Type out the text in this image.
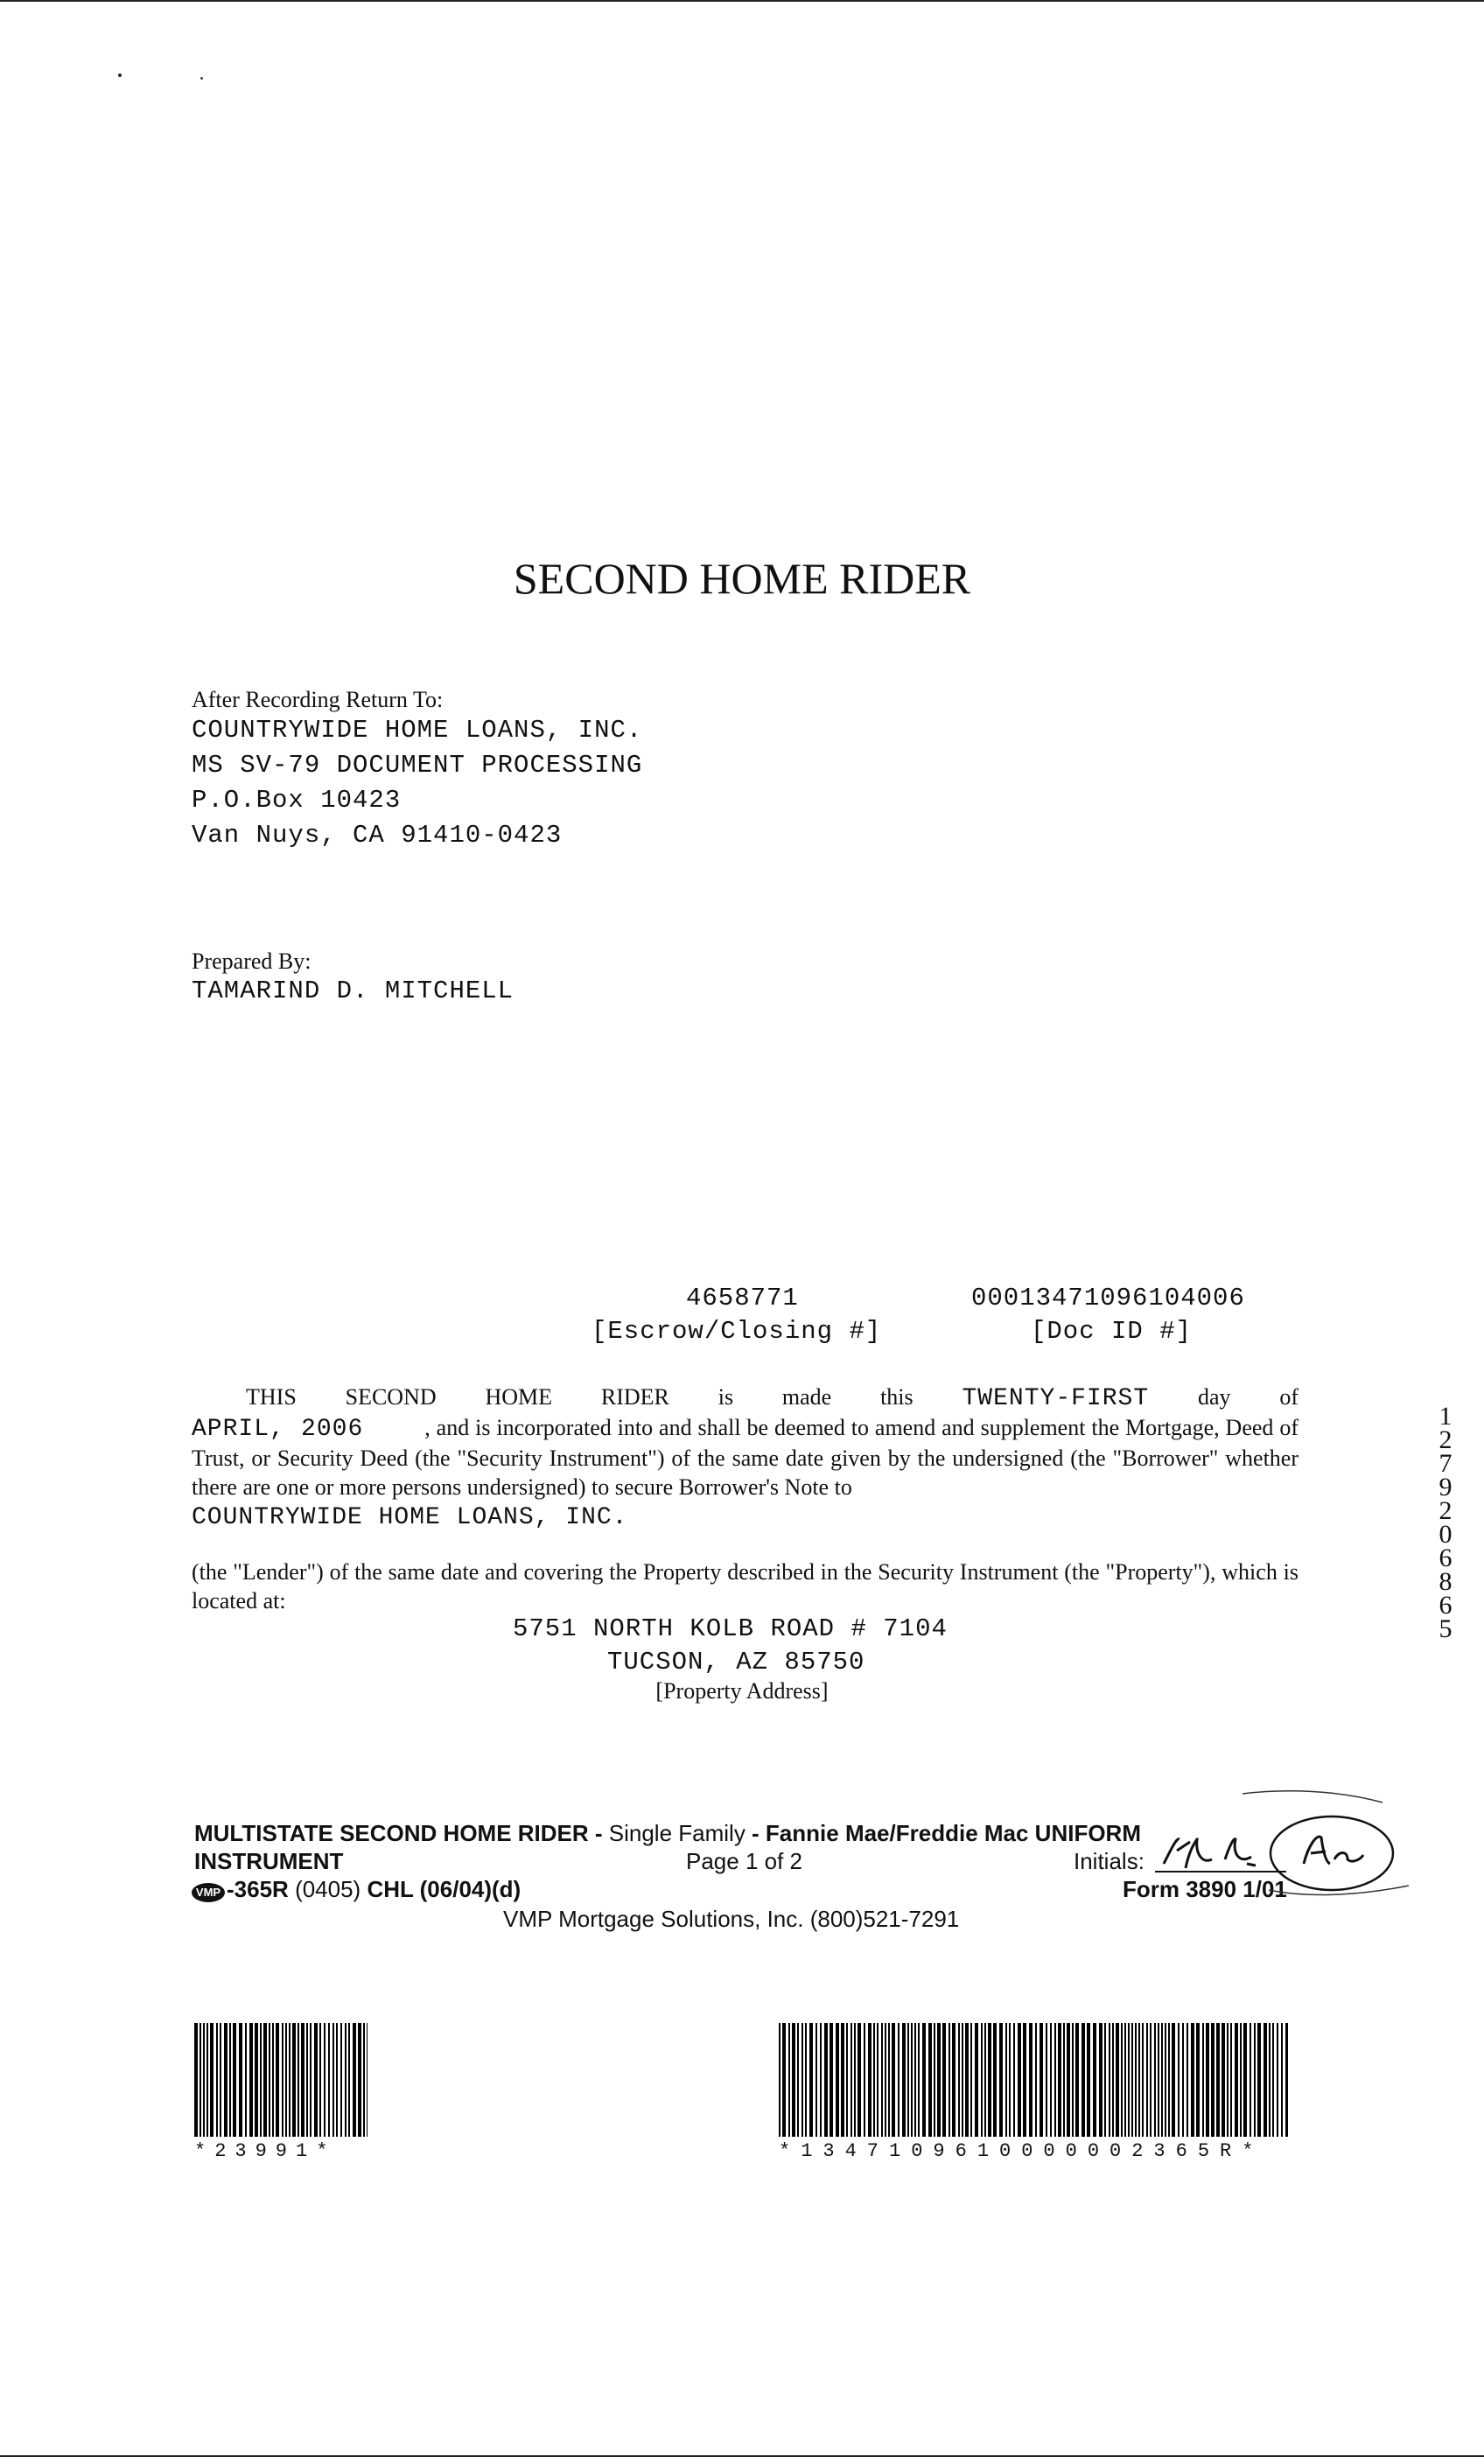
SECOND HOME RIDER
After Recording Return To:
COUNTRYWIDE HOME LOANS, INC.
MS SV-79 DOCUMENT PROCESSING
P.O.Box 10423
Van Nuys, CA 91410-0423
Prepared By:
TAMARIND D. MITCHELL
4658771
[Escrow/Closing #]
00013471096104006
[Doc ID #]
THIS SECOND HOME RIDER is made this TWENTY-FIRST day of
APRIL, 2006	, and is incorporated into and shall be deemed to amend and supplement the Mortgage, Deed of Trust, or Security Deed (the "Security Instrument") of the same date given by the undersigned (the "Borrower" whether there are one or more persons undersigned) to secure Borrower's Note to
COUNTRYWIDE HOME LOANS, INC.
(the "Lender") of the same date and covering the Property described in the Security Instrument (the "Property"), which is located at:
5751 NORTH KOLB ROAD # 7104
TUCSON, AZ 85750
[Property Address]
12792 06865
MULTISTATE SECOND HOME RIDER - Single Family - Fannie Mae/Freddie Mac UNIFORM
INSTRUMENT	Page 1 of 2	Initials:
VMP -365R (0405) CHL (06/04)(d)	Form 3890 1/01
VMP Mortgage Solutions, Inc. (800)521-7291
*23991*	*1347109610000002365R*
